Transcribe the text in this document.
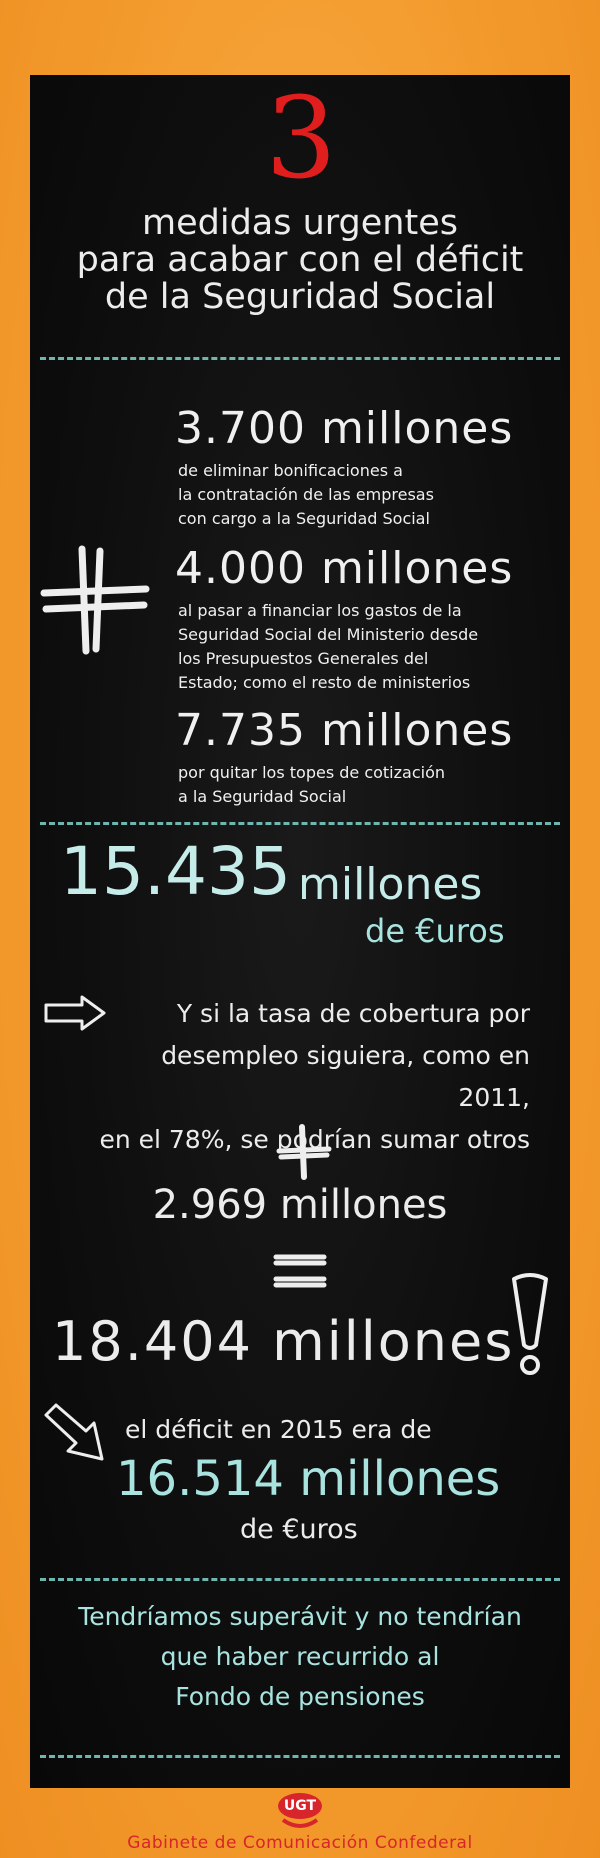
3
medidas urgentes
para acabar con el déficit
de la Seguridad Social
3.700 millones
de eliminar bonificaciones a
la contratación de las empresas
con cargo a la Seguridad Social
4.000 millones
al pasar a financiar los gastos de la
Seguridad Social del Ministerio desde
los Presupuestos Generales del
Estado; como el resto de ministerios
7.735 millones
por quitar los topes de cotización
a la Seguridad Social
15.435 millones
de €uros
Y si la tasa de cobertura por
desempleo siguiera, como en 2011,
en el 78%, se podrían sumar otros
2.969 millones
18.404 millones
el déficit en 2015 era de
16.514 millones
de €uros
Tendríamos superávit y no tendrían
que haber recurrido al
Fondo de pensiones
UGT
Gabinete de Comunicación Confederal
